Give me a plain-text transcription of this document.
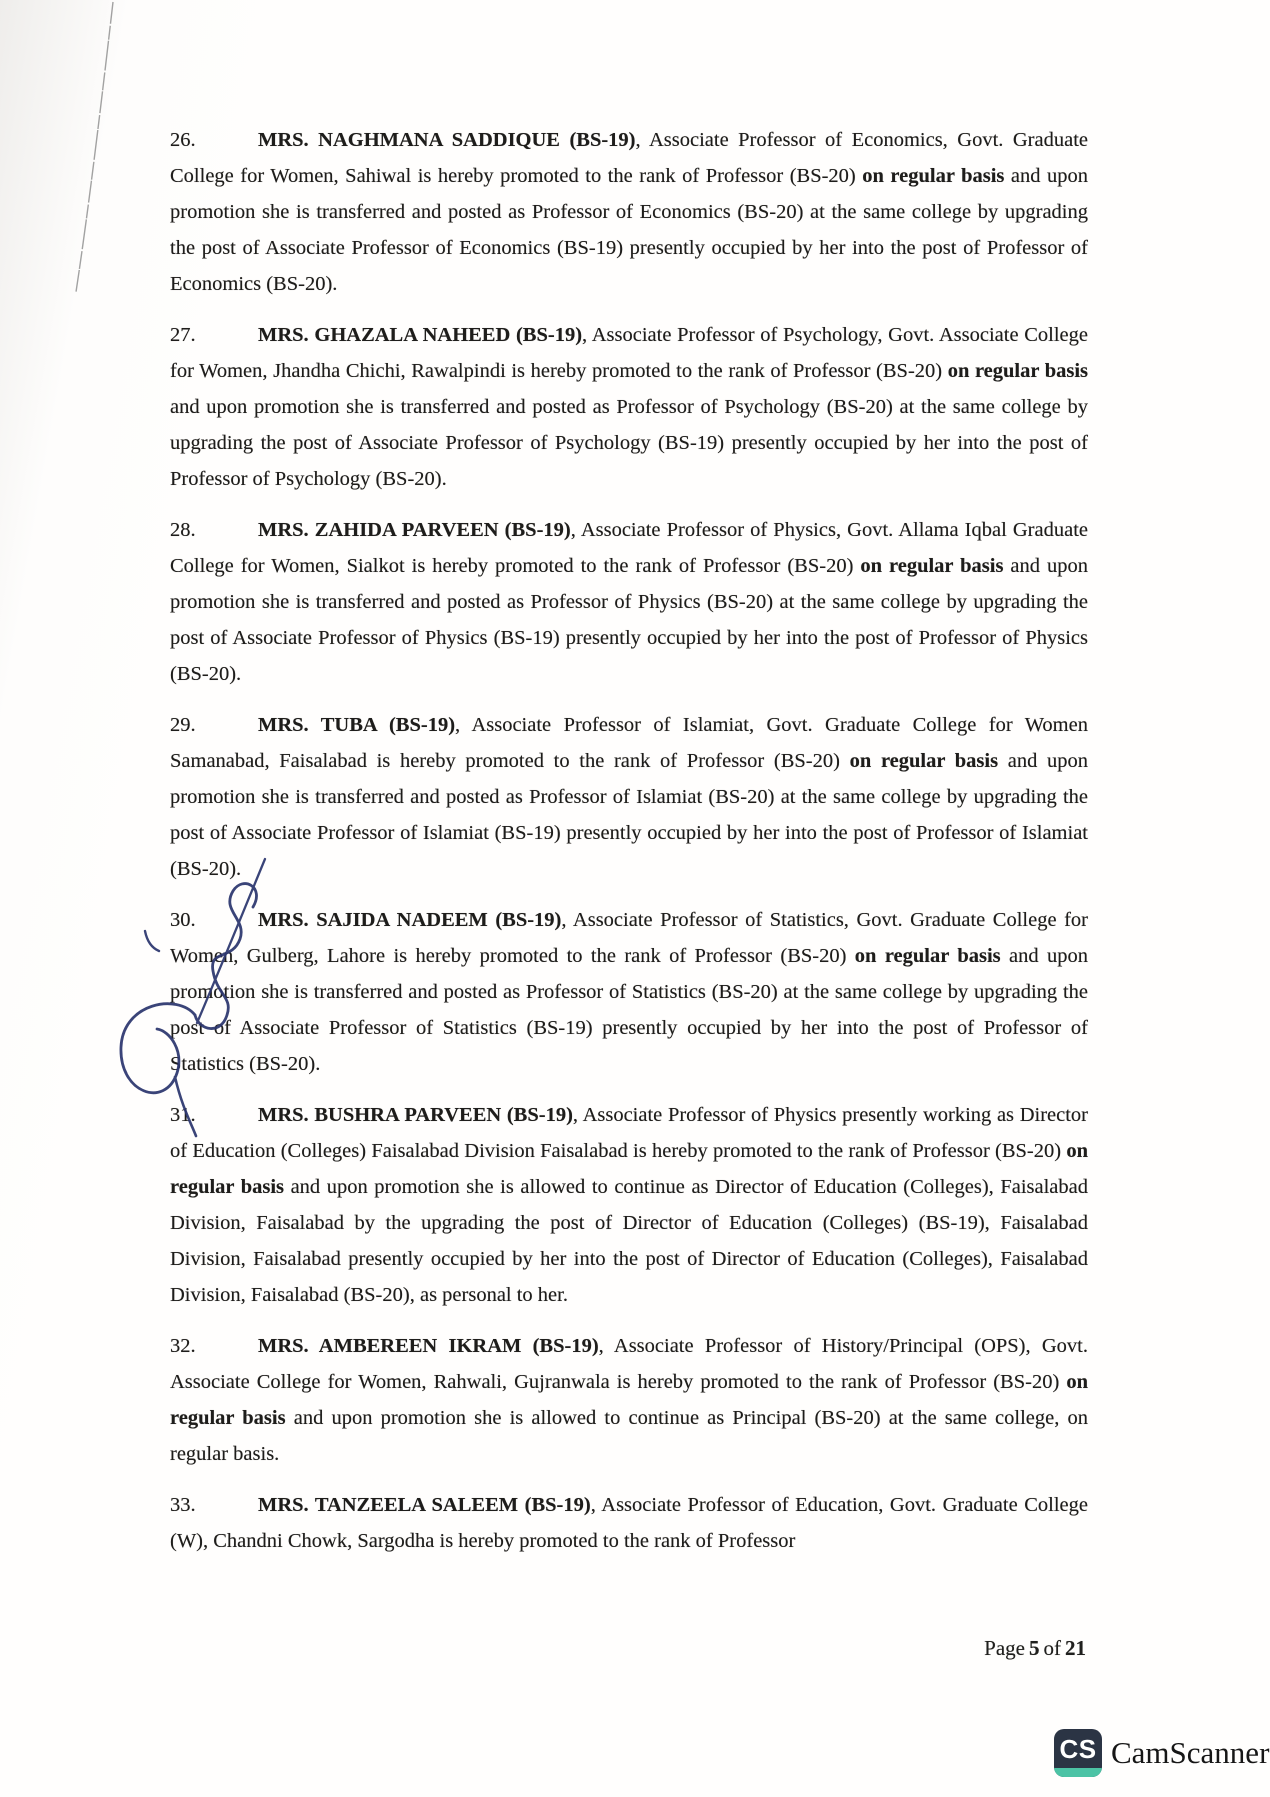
26.	MRS. NAGHMANA SADDIQUE (BS-19), Associate Professor of Economics, Govt. Graduate College for Women, Sahiwal is hereby promoted to the rank of Professor (BS-20) on regular basis and upon promotion she is transferred and posted as Professor of Economics (BS-20) at the same college by upgrading the post of Associate Professor of Economics (BS-19) presently occupied by her into the post of Professor of Economics (BS-20).

27.	MRS. GHAZALA NAHEED (BS-19), Associate Professor of Psychology, Govt. Associate College for Women, Jhandha Chichi, Rawalpindi is hereby promoted to the rank of Professor (BS-20) on regular basis and upon promotion she is transferred and posted as Professor of Psychology (BS-20) at the same college by upgrading the post of Associate Professor of Psychology (BS-19) presently occupied by her into the post of Professor of Psychology (BS-20).

28.	MRS. ZAHIDA PARVEEN (BS-19), Associate Professor of Physics, Govt. Allama Iqbal Graduate College for Women, Sialkot is hereby promoted to the rank of Professor (BS-20) on regular basis and upon promotion she is transferred and posted as Professor of Physics (BS-20) at the same college by upgrading the post of Associate Professor of Physics (BS-19) presently occupied by her into the post of Professor of Physics (BS-20).

29.	MRS. TUBA (BS-19), Associate Professor of Islamiat, Govt. Graduate College for Women Samanabad, Faisalabad is hereby promoted to the rank of Professor (BS-20) on regular basis and upon promotion she is transferred and posted as Professor of Islamiat (BS-20) at the same college by upgrading the post of Associate Professor of Islamiat (BS-19) presently occupied by her into the post of Professor of Islamiat (BS-20).

30.	MRS. SAJIDA NADEEM (BS-19), Associate Professor of Statistics, Govt. Graduate College for Women, Gulberg, Lahore is hereby promoted to the rank of Professor (BS-20) on regular basis and upon promotion she is transferred and posted as Professor of Statistics (BS-20) at the same college by upgrading the post of Associate Professor of Statistics (BS-19) presently occupied by her into the post of Professor of Statistics (BS-20).

31.	MRS. BUSHRA PARVEEN (BS-19), Associate Professor of Physics presently working as Director of Education (Colleges) Faisalabad Division Faisalabad is hereby promoted to the rank of Professor (BS-20) on regular basis and upon promotion she is allowed to continue as Director of Education (Colleges), Faisalabad Division, Faisalabad by the upgrading the post of Director of Education (Colleges) (BS-19), Faisalabad Division, Faisalabad presently occupied by her into the post of Director of Education (Colleges), Faisalabad Division, Faisalabad (BS-20), as personal to her.

32.	MRS. AMBEREEN IKRAM (BS-19), Associate Professor of History/Principal (OPS), Govt. Associate College for Women, Rahwali, Gujranwala is hereby promoted to the rank of Professor (BS-20) on regular basis and upon promotion she is allowed to continue as Principal (BS-20) at the same college, on regular basis.

33.	MRS. TANZEELA SALEEM (BS-19), Associate Professor of Education, Govt. Graduate College (W), Chandni Chowk, Sargodha is hereby promoted to the rank of Professor

Page 5 of 21
CS CamScanner
